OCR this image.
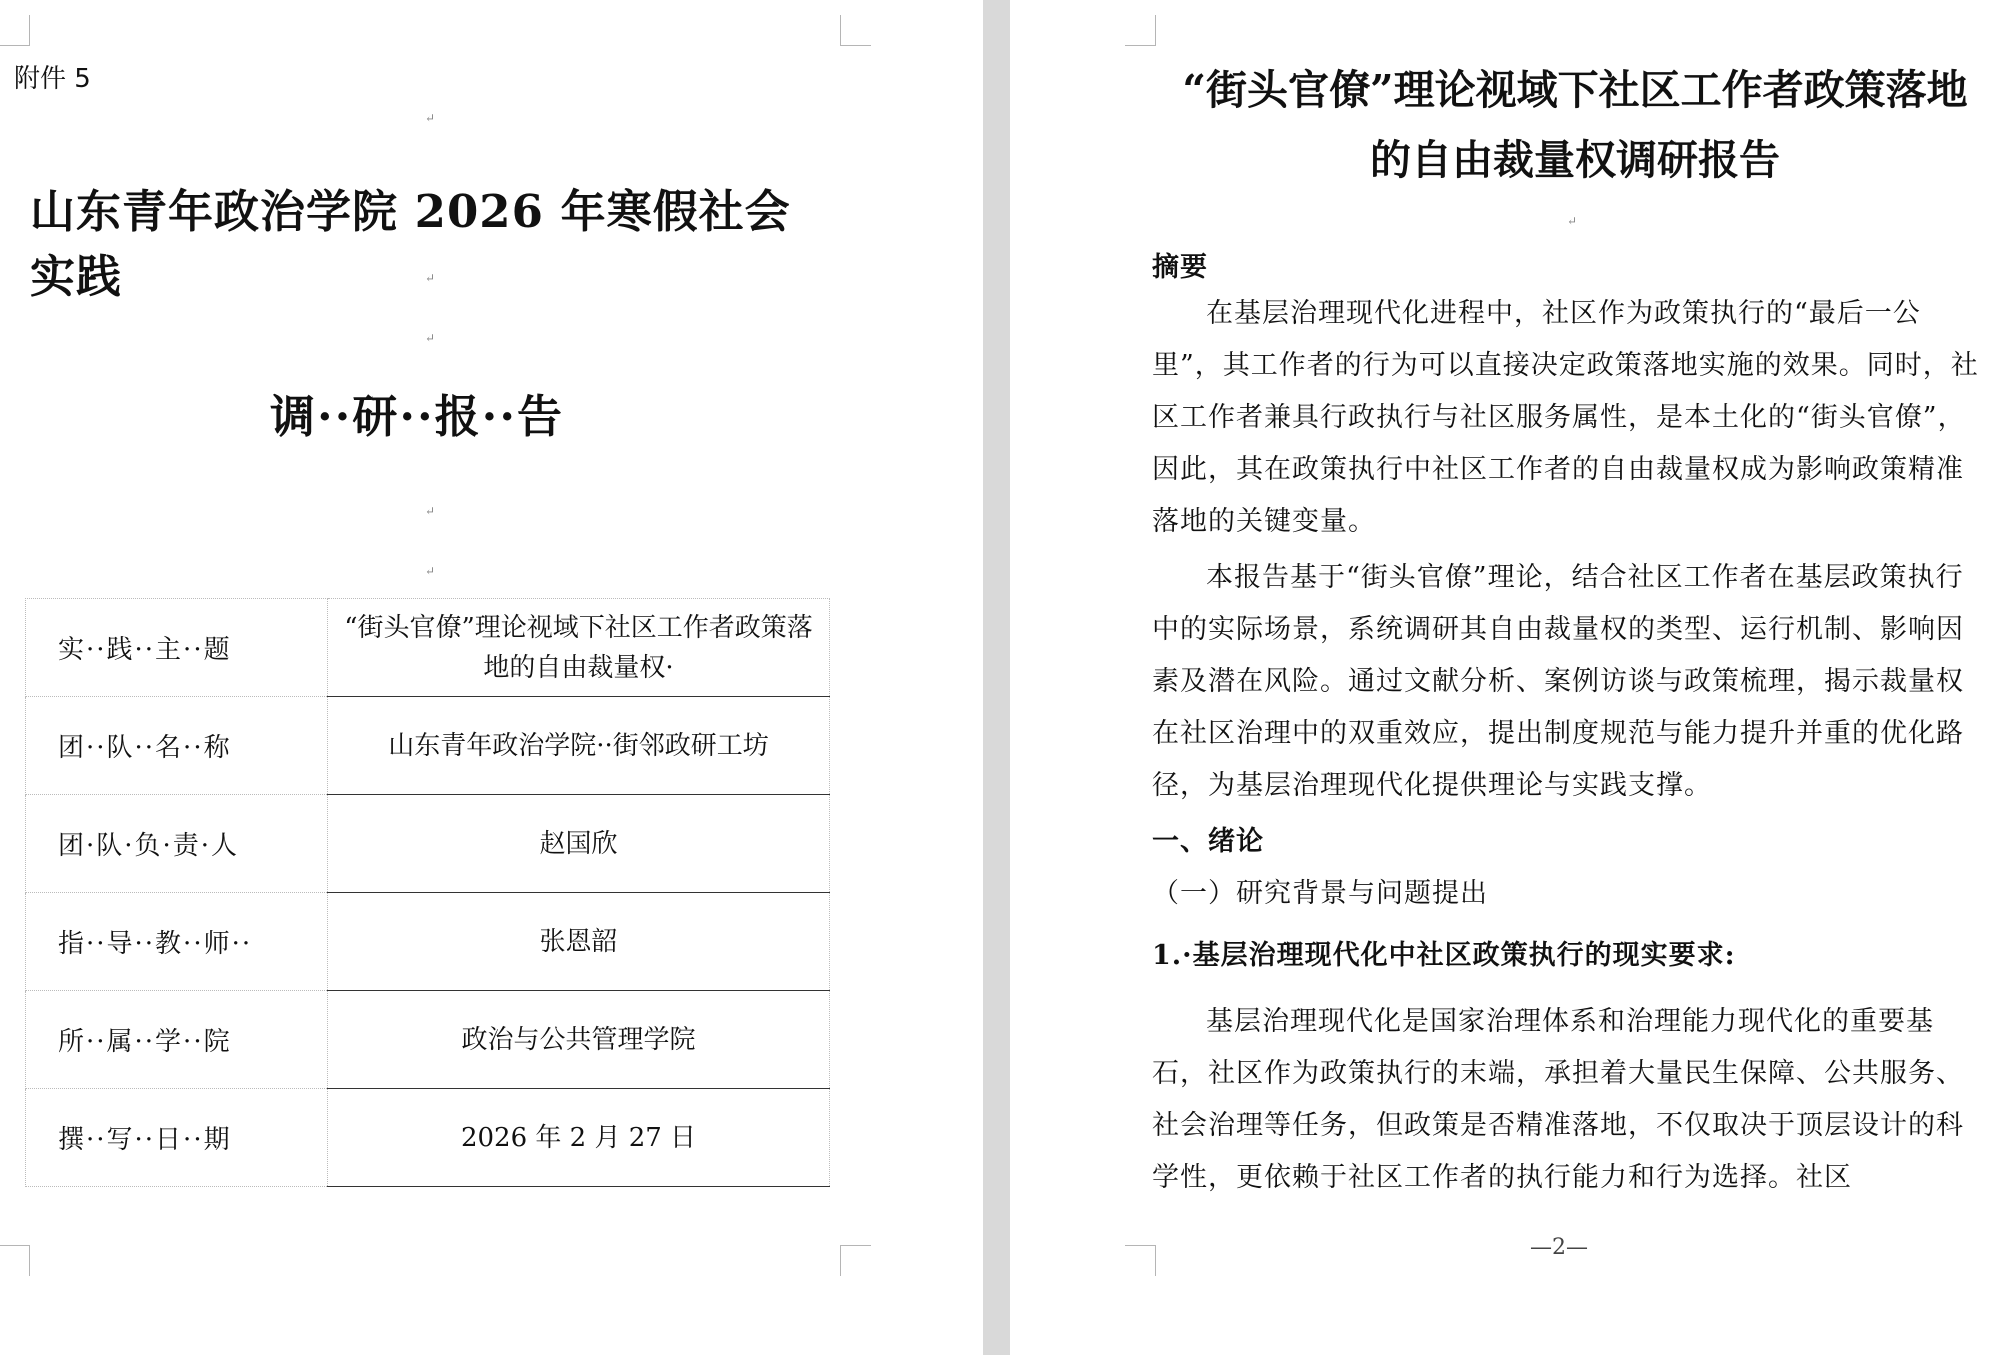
附件 5
山东青年政治学院 2026 年寒假社会实践
调··研··报··告
↵
↵
↵
↵
↵
实··践··主··题	“街头官僚”理论视域下社区工作者政策落地的自由裁量权·
团··队··名··称	山东青年政治学院··街邻政研工坊
团·队·负·责·人	赵国欣
指··导··教··师··	张恩韶
所··属··学··院	政治与公共管理学院
撰··写··日··期	2026 年 2 月 27 日
“街头官僚”理论视域下社区工作者政策落地
的自由裁量权调研报告
↵
摘要
在基层治理现代化进程中，社区作为政策执行的“最后一公里”，其工作者的行为可以直接决定政策落地实施的效果。同时，社区工作者兼具行政执行与社区服务属性，是本土化的“街头官僚”，因此，其在政策执行中社区工作者的自由裁量权成为影响政策精准落地的关键变量。
本报告基于“街头官僚”理论，结合社区工作者在基层政策执行中的实际场景，系统调研其自由裁量权的类型、运行机制、影响因素及潜在风险。通过文献分析、案例访谈与政策梳理，揭示裁量权在社区治理中的双重效应，提出制度规范与能力提升并重的优化路径，为基层治理现代化提供理论与实践支撑。
一、绪论
（一）研究背景与问题提出
1.·基层治理现代化中社区政策执行的现实要求:
基层治理现代化是国家治理体系和治理能力现代化的重要基石，社区作为政策执行的末端，承担着大量民生保障、公共服务、社会治理等任务，但政策是否精准落地，不仅取决于顶层设计的科学性，更依赖于社区工作者的执行能力和行为选择。社区
—2—
